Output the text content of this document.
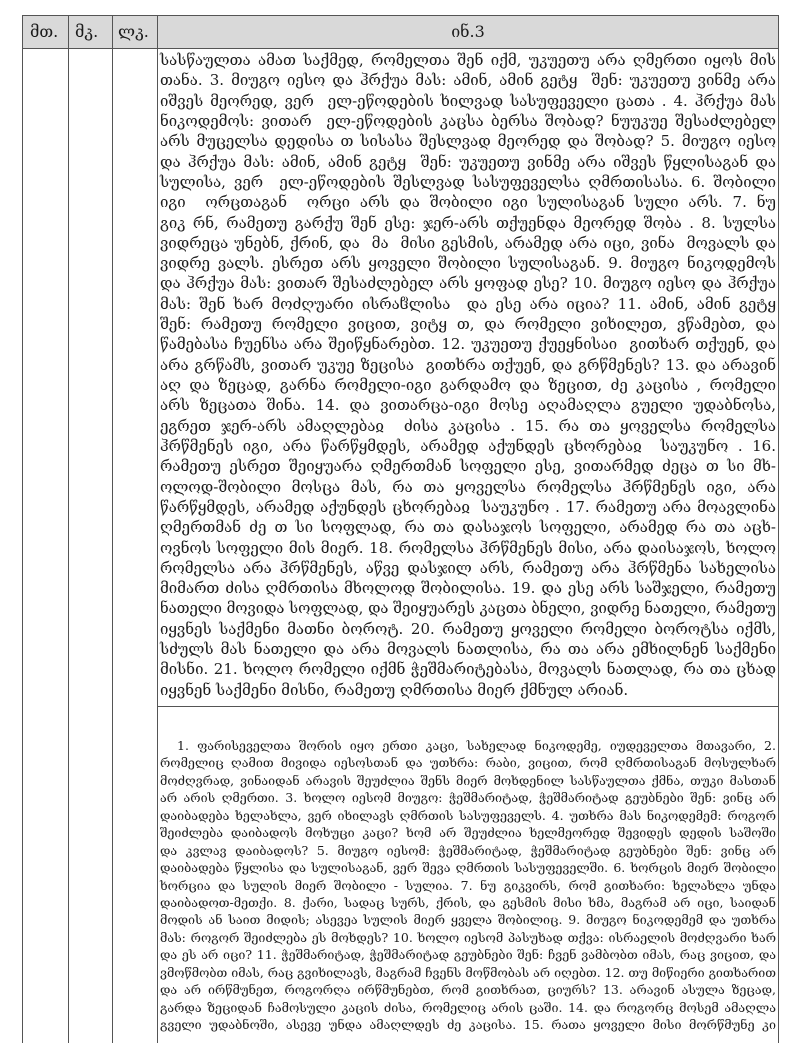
მთ.	მკ.	ლკ.	ინ.3
სასწაულთა ამათ საქმედ, რომელთა შენ იქმ, უკუეთუ არა ღმერთი იყოს მის
თანა. 3. მიუგო იესო და ჰრქუა მას: ამინ, ამინ გეტყ  შენ: უკუეთუ ვინმე არა
იშვეს მეორედ, ვერ  ელ-ეწოდების ხილვად სასუფეველი ცათა . 4. ჰრქუა მას
ნიკოდემოს: ვითარ  ელ-ეწოდების კაცსა ბერსა შობად? ნუუკუე შესაძლებელ
არს მუცელსა დედისა თ სისასა შესლვად მეორედ და შობად? 5. მიუგო იესო
და ჰრქუა მას: ამინ, ამინ გეტყ  შენ: უკუეთუ ვინმე არა იშვეს წყლისაგან და
სულისა, ვერ  ელ-ეწოდების შესლვად სასუფეველსა ღმრთისასა. 6. შობილი
იგი  ორცთაგან  ორცი არს და შობილი იგი სულისაგან სული არს. 7. ნუ
გიკ რნ, რამეთუ გარქუ შენ ესე: ჯერ-არს თქუენდა მეორედ შობა . 8. სულსა
ვიდრეცა უნებნ, ქრინ, და  მა  მისი გესმის, არამედ არა იცი, ვინა  მოვალს და
ვიდრე ვალს. ესრეთ არს ყოველი შობილი სულისაგან. 9. მიუგო ნიკოდემოს
და ჰრქუა მას: ვითარ შესაძლებელ არს ყოფად ესე? 10. მიუგო იესო და ჰრქუა
მას: შენ ხარ მოძღუარი ისრაჱლისა  და ესე არა იცია? 11. ამინ, ამინ გეტყ
შენ: რამეთუ რომელი ვიცით, ვიტყ თ, და რომელი ვიხილეთ, ვწამებთ, და
წამებასა ჩუენსა არა შეიწყნარებთ. 12. უკუეთუ ქუეყნისაი  გითხარ თქუენ, და
არა გრწამს, ვითარ უკუე ზეცისა  გითხრა თქუენ, და გრწმენეს? 13. და არავინ
აღ და ზეცად, გარნა რომელი-იგი გარდამო და ზეცით, ძე კაცისა , რომელი
არს ზეცათა შინა. 14. და ვითარცა-იგი მოსე აღამაღლა გუელი უდაბნოსა,
ეგრეთ ჯერ-არს ამაღლებაჲ  ძისა კაცისა . 15. რა თა ყოველსა რომელსა
ჰრწმენეს იგი, არა წარწყმდეს, არამედ აქუნდეს ცხორებაჲ  საუკუნო . 16.
რამეთუ ესრეთ შეიყუარა ღმერთმან სოფელი ესე, ვითარმედ ძეცა თ სი მხ-
ოლოდ-შობილი მოსცა მას, რა თა ყოველსა რომელსა ჰრწმენეს იგი, არა
წარწყმდეს, არამედ აქუნდეს ცხორებაჲ  საუკუნო . 17. რამეთუ არა მოავლინა
ღმერთმან ძე თ სი სოფლად, რა თა დასაჯოს სოფელი, არამედ რა თა აცხ-
ოვნოს სოფელი მის მიერ. 18. რომელსა ჰრწმენეს მისი, არა დაისაჯოს, ხოლო
რომელსა არა ჰრწმენეს, აწვე დასჯილ არს, რამეთუ არა ჰრწმენა სახელისა
მიმართ ძისა ღმრთისა მხოლოდ შობილისა. 19. და ესე არს საშჯელი, რამეთუ
ნათელი მოვიდა სოფლად, და შეიყუარეს კაცთა ბნელი, ვიდრე ნათელი, რამეთუ
იყვნეს საქმენი მათნი ბოროტ. 20. რამეთუ ყოველი რომელი ბოროტსა იქმს,
სძულს მას ნათელი და არა მოვალს ნათლისა, რა თა არა ემხილნენ საქმენი
მისნი. 21. ხოლო რომელი იქმნ ჭეშმარიტებასა, მოვალს ნათლად, რა თა ცხად
იყვნენ საქმენი მისნი, რამეთუ ღმრთისა მიერ ქმნულ არიან.
1. ფარისეველთა შორის იყო ერთი კაცი, სახელად ნიკოდემე, იუდეველთა მთავარი, 2.
რომელიც ღამით მივიდა იესოსთან და უთხრა: რაბი, ვიცით, რომ ღმრთისაგან მოსულხარ
მოძღვრად, ვინაიდან არავის შეუძლია შენს მიერ მოხდენილ სასწაულთა ქმნა, თუკი მასთან
არ არის ღმერთი. 3. ხოლო იესომ მიუგო: ჭეშმარიტად, ჭეშმარიტად გეუბნები შენ: ვინც არ
დაიბადება ხელახლა, ვერ იხილავს ღმრთის სასუფეველს. 4. უთხრა მას ნიკოდემემ: როგორ
შეიძლება დაიბადოს მოხუცი კაცი? ხომ არ შეუძლია ხელმეორედ შევიდეს დედის საშოში
და კვლავ დაიბადოს? 5. მიუგო იესომ: ჭეშმარიტად, ჭეშმარიტად გეუბნები შენ: ვინც არ
დაიბადება წყლისა და სულისაგან, ვერ შევა ღმრთის სასუფეველში. 6. ხორცის მიერ შობილი
ხორცია და სულის მიერ შობილი - სულია. 7. ნუ გიკვირს, რომ გითხარი: ხელახლა უნდა
დაიბადოთ-მეთქი. 8. ქარი, სადაც სურს, ქრის, და გესმის მისი ხმა, მაგრამ არ იცი, საიდან
მოდის ან საით მიდის; ასევეა სულის მიერ ყველა შობილიც. 9. მიუგო ნიკოდემემ და უთხრა
მას: როგორ შეიძლება ეს მოხდეს? 10. ხოლო იესომ პასუხად თქვა: ისრაელის მოძღვარი ხარ
და ეს არ იცი? 11. ჭეშმარიტად, ჭეშმარიტად გეუბნები შენ: ჩვენ ვამბობთ იმას, რაც ვიცით, და
ვმოწმობთ იმას, რაც გვიხილავს, მაგრამ ჩვენს მოწმობას არ იღებთ. 12. თუ მიწიერი გითხარით
და არ ირწმუნეთ, როგორღა ირწმუნებთ, რომ გითხრათ, ციურს? 13. არავინ ასულა ზეცად,
გარდა ზეციდან ჩამოსული კაცის ძისა, რომელიც არის ცაში. 14. და როგორც მოსემ ამაღლა
გველი უდაბნოში, ასევე უნდა ამაღლდეს ძე კაცისა. 15. რათა ყოველი მისი მორწმუნე კი
